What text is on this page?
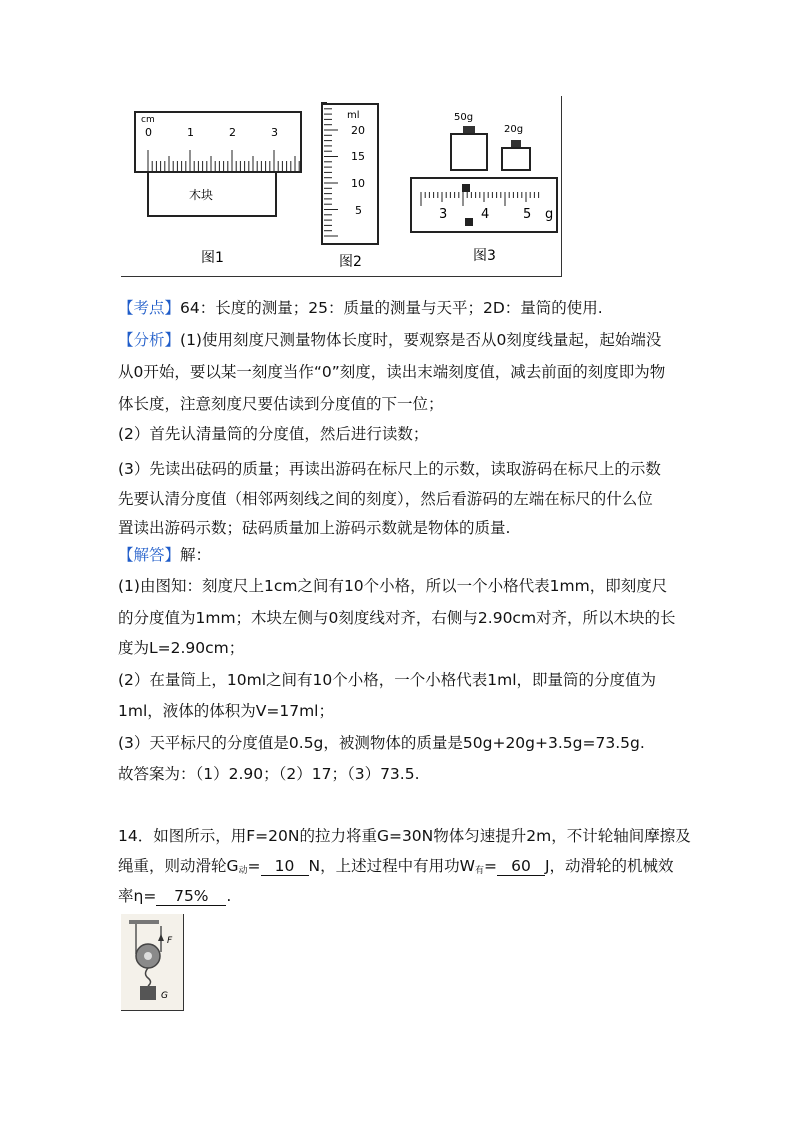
cm
0	1	2	3
木块
图1
ml
20
15
10
5
图2
50g
20g
3	4	5 g
图3
【考点】64：长度的测量；25：质量的测量与天平；2D：量筒的使用.
【分析】(1)使用刻度尺测量物体长度时，要观察是否从0刻度线量起，起始端没
从0开始，要以某一刻度当作“0”刻度，读出末端刻度值，减去前面的刻度即为物
体长度，注意刻度尺要估读到分度值的下一位；
(2）首先认清量筒的分度值，然后进行读数；
(3）先读出砝码的质量；再读出游码在标尺上的示数，读取游码在标尺上的示数
先要认清分度值（相邻两刻线之间的刻度），然后看游码的左端在标尺的什么位
置读出游码示数；砝码质量加上游码示数就是物体的质量.
【解答】解：
(1)由图知：刻度尺上1cm之间有10个小格，所以一个小格代表1mm，即刻度尺
的分度值为1mm；木块左侧与0刻度线对齐，右侧与2.90cm对齐，所以木块的长
度为L=2.90cm；
(2）在量筒上，10ml之间有10个小格，一个小格代表1ml，即量筒的分度值为
1ml，液体的体积为V=17ml；
(3）天平标尺的分度值是0.5g，被测物体的质量是50g+20g+3.5g=73.5g.
故答案为：（1）2.90；（2）17；（3）73.5.
14．如图所示，用F=20N的拉力将重G=30N物体匀速提升2m，不计轮轴间摩擦及
绳重，则动滑轮$G_动= 10$ N，上述过程中有用功$W_有= 60$ J，动滑轮的机械效
率η= 75% .
F
G
